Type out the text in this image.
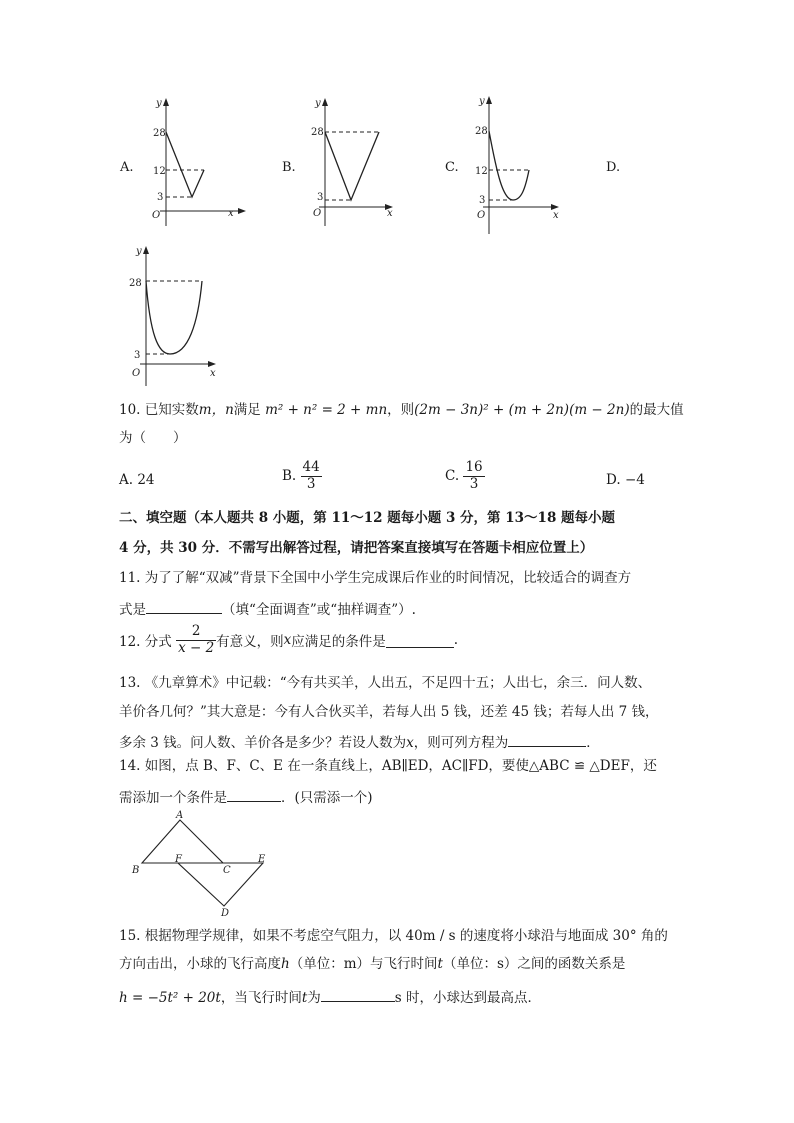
A.	B.	C.	D.
y
x
O
28
12
3
y
x
O
28
3
y
x
O
28
12
3
y
x
O
28
3
10. 已知实数m，n满足 m² + n² = 2 + mn，则(2m − 3n)² + (m + 2n)(m − 2n)的最大值
为（　　）
A. 24	B. $\frac{44}{3}$	C. $\frac{16}{3}$	D. −4
二、填空题（本人题共 8 小题，第 11～12 题每小题 3 分，第 13～18 题每小题
4 分，共 30 分．不需写出解答过程，请把答案直接填写在答题卡相应位置上）
11. 为了了解“双减”背景下全国中小学生完成课后作业的时间情况，比较适合的调查方
式是	（填“全面调查”或“抽样调查”）.
12. 分式 $\frac{2}{x - 2}$ 有意义，则x应满足的条件是	.
13. 《九章算术》中记载：“今有共买羊，人出五，不足四十五；人出七，余三．问人数、
羊价各几何？”其大意是：今有人合伙买羊，若每人出 5 钱，还差 45 钱；若每人出 7 钱，
多余 3 钱。问人数、羊价各是多少？若设人数为x，则可列方程为	．
14. 如图，点 B、F、C、E 在一条直线上，AB∥ED，AC∥FD，要使△ABC ≌ △DEF，还
需添加一个条件是	．(只需添一个)
A
B
F
C
E
D
15. 根据物理学规律，如果不考虑空气阻力，以 40m / s 的速度将小球沿与地面成 30° 角的
方向击出，小球的飞行高度h（单位：m）与飞行时间t（单位：s）之间的函数关系是
h = −5t² + 20t，当飞行时间t为	s 时，小球达到最高点．
